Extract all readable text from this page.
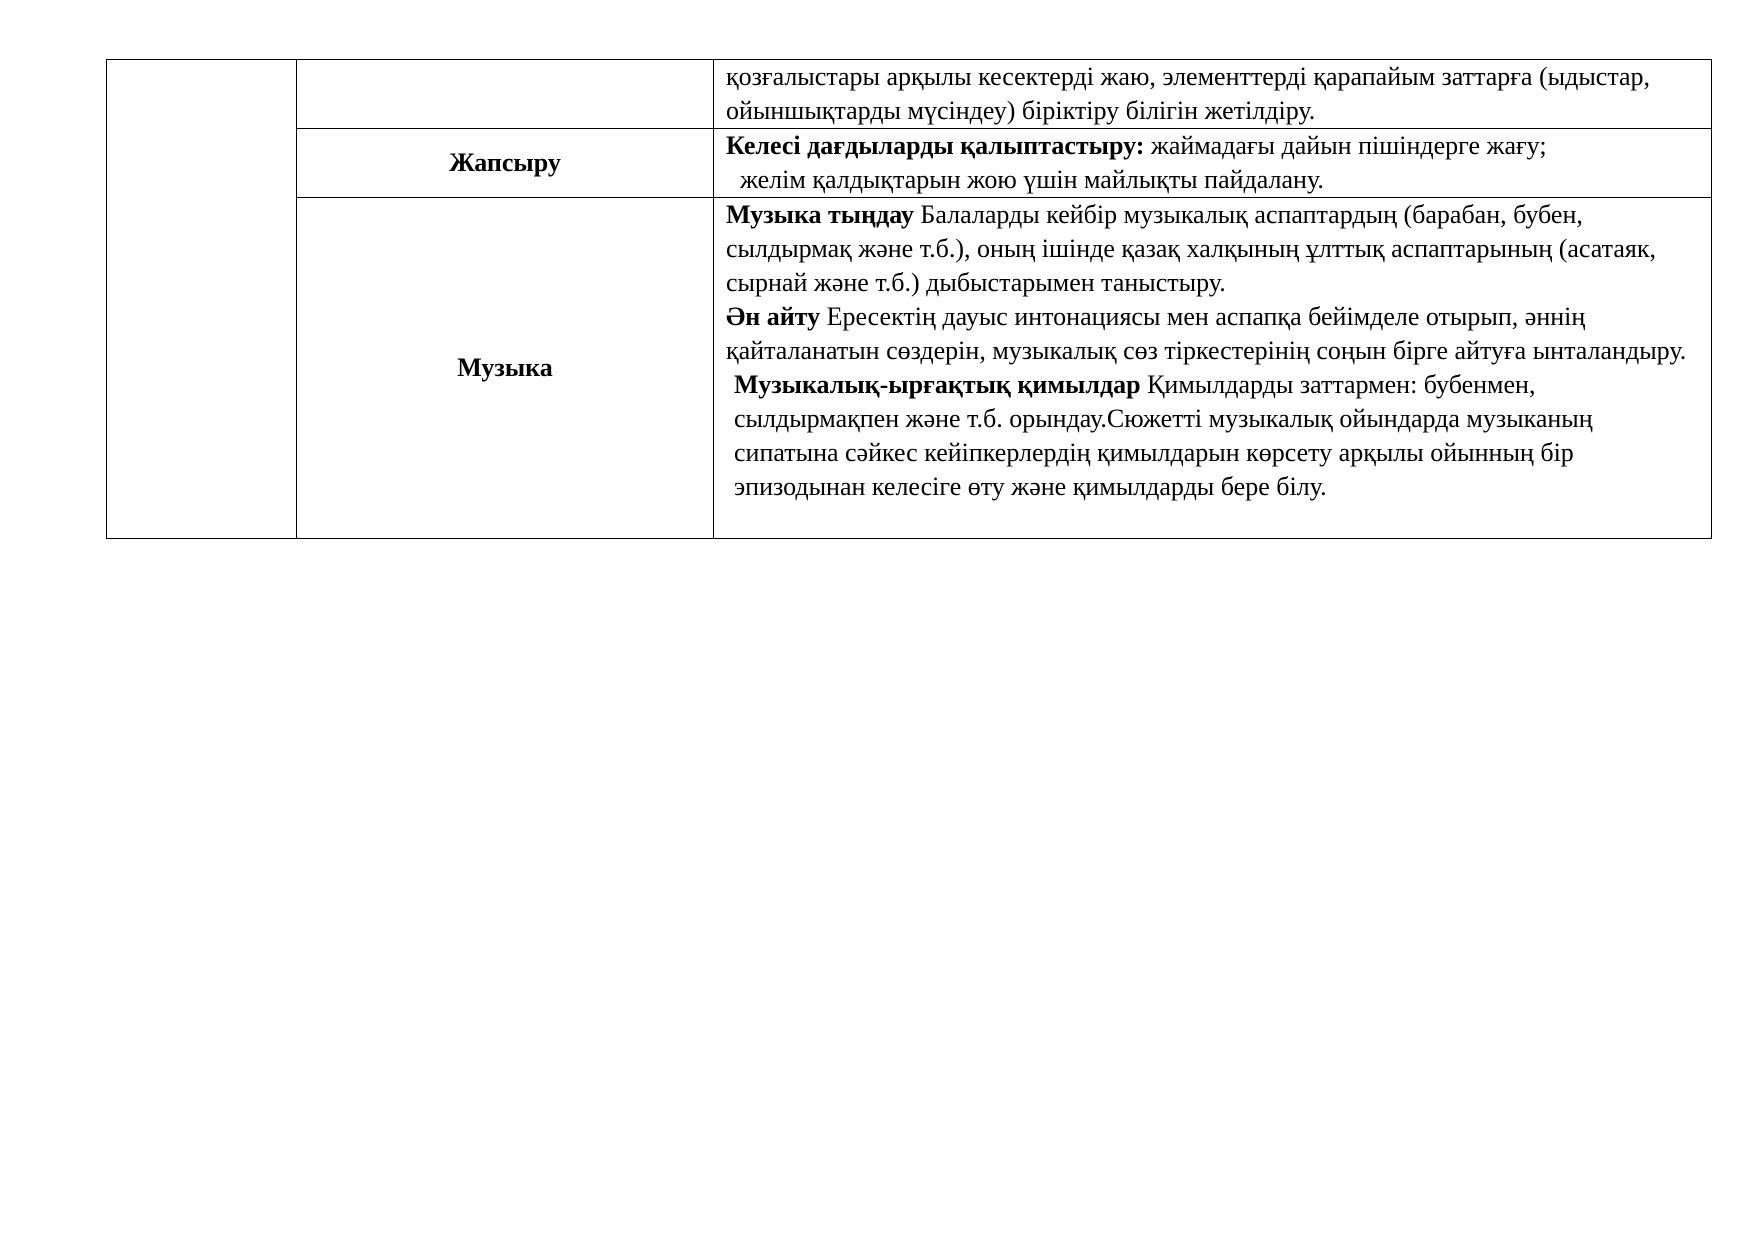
		қозғалыстары арқылы кесектерді жаю, элементтерді қарапайым заттарға (ыдыстар, ойыншықтарды мүсіндеу) біріктіру білігін жетілдіру.

	Жапсыру	Келесі дағдыларды қалыптастыру: жаймадағы дайын пішіндерге жағу;

желім қалдықтарын жою үшін майлықты пайдалану.

	Музыка	Музыка тыңдау Балаларды кейбір музыкалық аспаптардың (барабан, бубен, сылдырмақ және т.б.), оның ішінде қазақ халқының ұлттық аспаптарының (асатаяк, сырнай және т.б.) дыбыстарымен таныстыру.

Ән айту Ересектің дауыс интонациясы мен аспапқа бейімделе отырып, әннің қайталанатын сөздерін, музыкалық сөз тіркестерінің соңын бірге айтуға ынталандыру.

Музыкалық-ырғақтық қимылдар Қимылдарды заттармен: бубенмен, сылдырмақпен және т.б. орындау.Сюжетті музыкалық ойындарда музыканың сипатына сәйкес кейіпкерлердің қимылдарын көрсету арқылы ойынның бір эпизодынан келесіге өту және қимылдарды бере білу.
